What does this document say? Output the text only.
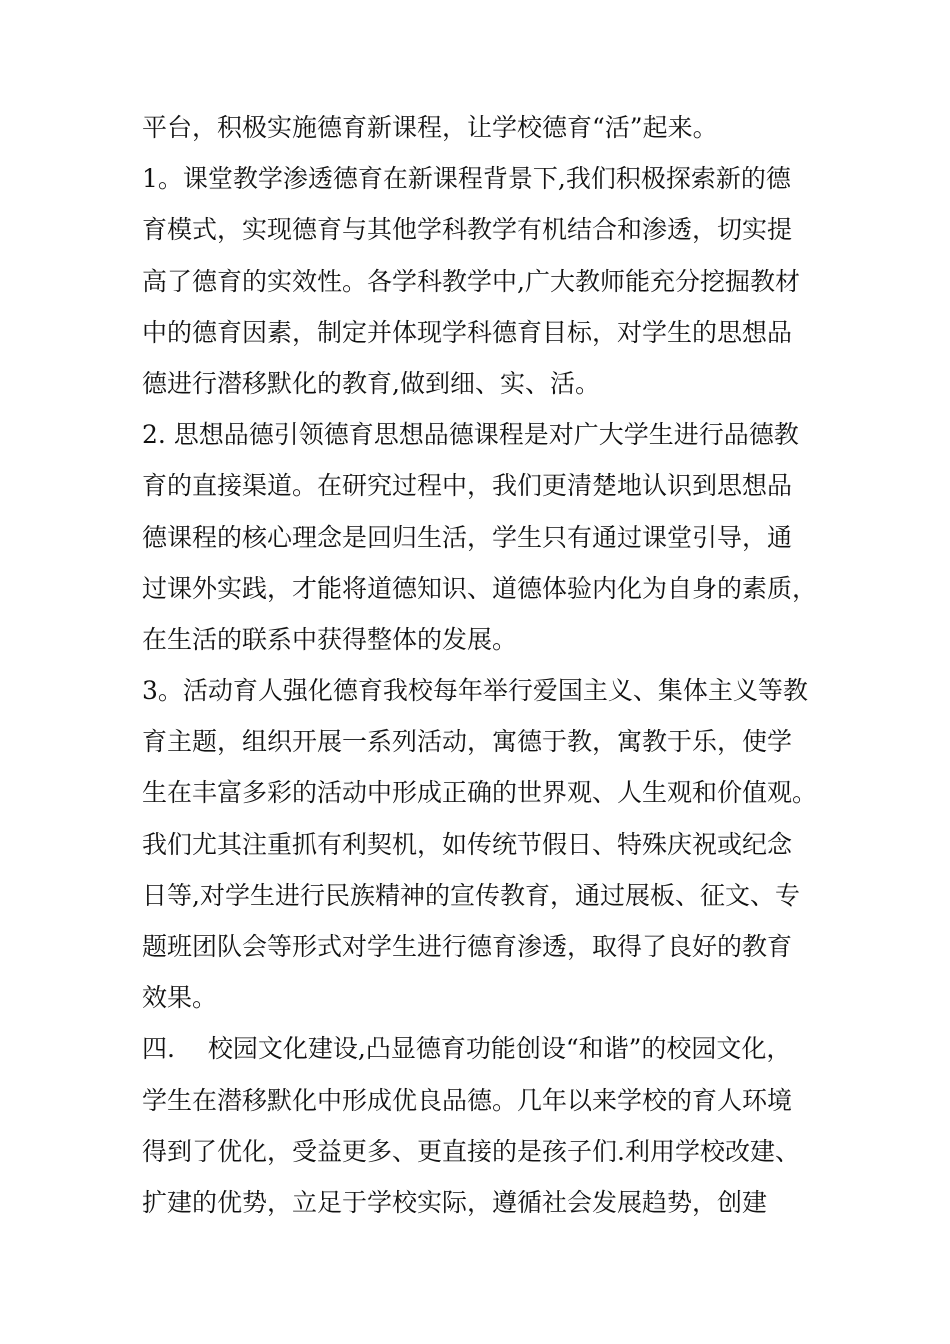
平台，积极实施德育新课程，让学校德育“活”起来。
1。课堂教学渗透德育在新课程背景下,我们积极探索新的德
育模式，实现德育与其他学科教学有机结合和渗透，切实提
高了德育的实效性。各学科教学中,广大教师能充分挖掘教材
中的德育因素，制定并体现学科德育目标，对学生的思想品
德进行潜移默化的教育,做到细、实、活。
2. 思想品德引领德育思想品德课程是对广大学生进行品德教
育的直接渠道。在研究过程中，我们更清楚地认识到思想品
德课程的核心理念是回归生活，学生只有通过课堂引导，通
过课外实践，才能将道德知识、道德体验内化为自身的素质，
在生活的联系中获得整体的发展。
3。活动育人强化德育我校每年举行爱国主义、集体主义等教
育主题，组织开展一系列活动，寓德于教，寓教于乐，使学
生在丰富多彩的活动中形成正确的世界观、人生观和价值观。
我们尤其注重抓有利契机，如传统节假日、特殊庆祝或纪念
日等,对学生进行民族精神的宣传教育，通过展板、征文、专
题班团队会等形式对学生进行德育渗透，取得了良好的教育
效果。
四.　 校园文化建设,凸显德育功能创设“和谐”的校园文化，
学生在潜移默化中形成优良品德。几年以来学校的育人环境
得到了优化，受益更多、更直接的是孩子们.利用学校改建、
扩建的优势，立足于学校实际，遵循社会发展趋势，创建
